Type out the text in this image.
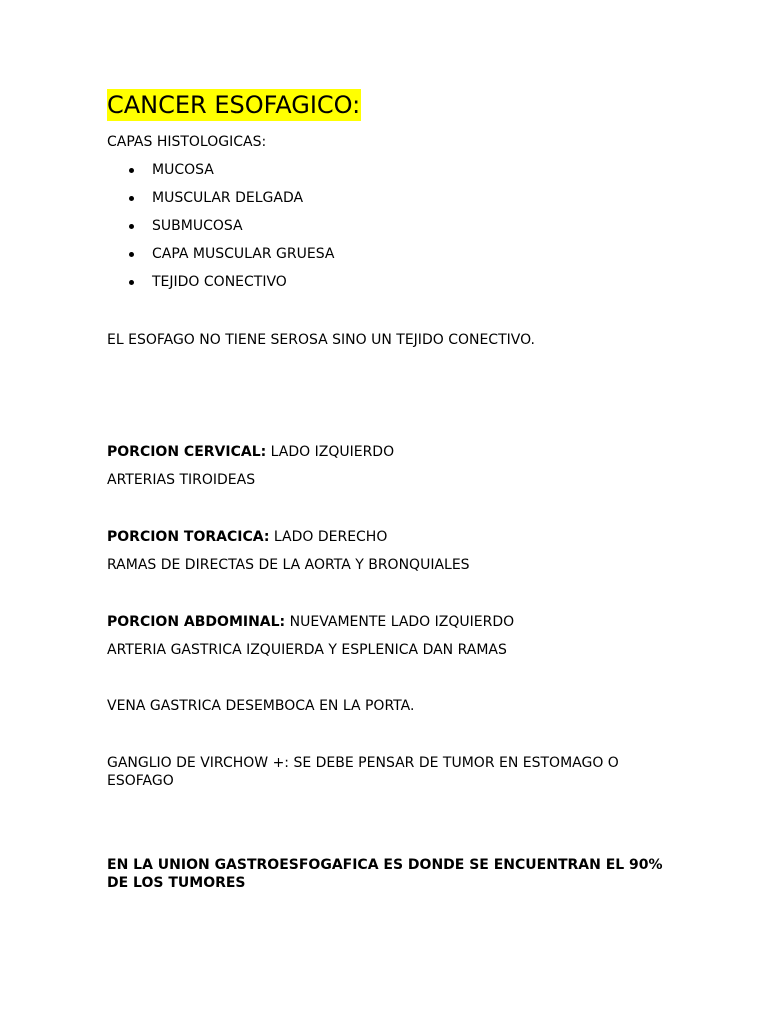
CANCER ESOFAGICO:

CAPAS HISTOLOGICAS:

MUCOSA
MUSCULAR DELGADA
SUBMUCOSA
CAPA MUSCULAR GRUESA
TEJIDO CONECTIVO

EL ESOFAGO NO TIENE SEROSA SINO UN TEJIDO CONECTIVO.

PORCION CERVICAL: LADO IZQUIERDO

ARTERIAS TIROIDEAS

PORCION TORACICA: LADO DERECHO

RAMAS DE DIRECTAS DE LA AORTA Y BRONQUIALES

PORCION ABDOMINAL: NUEVAMENTE LADO IZQUIERDO

ARTERIA GASTRICA IZQUIERDA Y ESPLENICA DAN RAMAS

VENA GASTRICA DESEMBOCA EN LA PORTA.

GANGLIO DE VIRCHOW +: SE DEBE PENSAR DE TUMOR EN ESTOMAGO O ESOFAGO

EN LA UNION GASTROESFOGAFICA ES DONDE SE ENCUENTRAN EL 90% DE LOS TUMORES
